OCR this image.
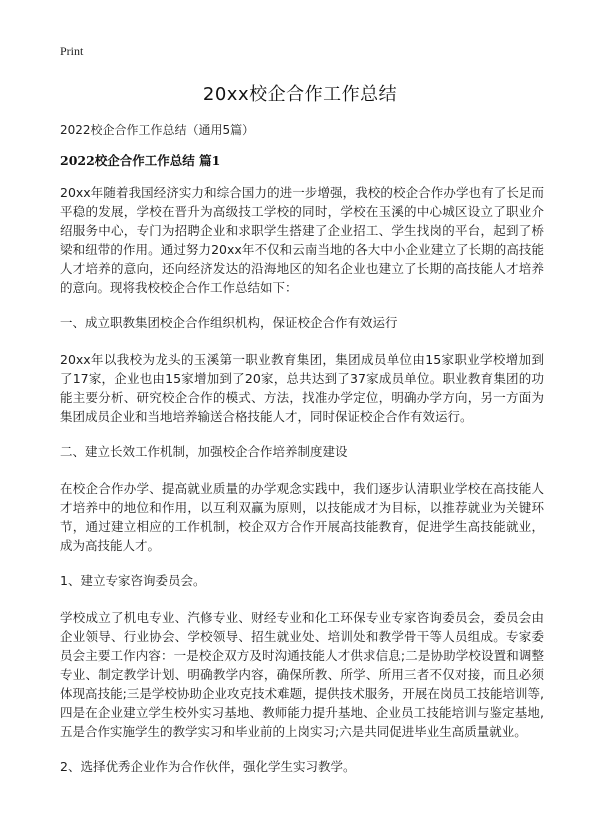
Print
20xx校企合作工作总结
2022校企合作工作总结（通用5篇）
2022校企合作工作总结 篇1

20xx年随着我国经济实力和综合国力的进一步增强，我校的校企合作办学也有了长足而平稳的发展，学校在晋升为高级技工学校的同时，学校在玉溪的中心城区设立了职业介绍服务中心，专门为招聘企业和求职学生搭建了企业招工、学生找岗的平台，起到了桥梁和纽带的作用。通过努力20xx年不仅和云南当地的各大中小企业建立了长期的高技能人才培养的意向，还向经济发达的沿海地区的知名企业也建立了长期的高技能人才培养的意向。现将我校校企合作工作总结如下：

一、成立职教集团校企合作组织机构，保证校企合作有效运行

20xx年以我校为龙头的玉溪第一职业教育集团，集团成员单位由15家职业学校增加到了17家，企业也由15家增加到了20家，总共达到了37家成员单位。职业教育集团的功能主要分析、研究校企合作的模式、方法，找准办学定位，明确办学方向，另一方面为集团成员企业和当地培养输送合格技能人才，同时保证校企合作有效运行。

二、建立长效工作机制，加强校企合作培养制度建设

在校企合作办学、提高就业质量的办学观念实践中，我们逐步认清职业学校在高技能人才培养中的地位和作用，以互利双赢为原则，以技能成才为目标，以推荐就业为关键环节，通过建立相应的工作机制，校企双方合作开展高技能教育，促进学生高技能就业，成为高技能人才。

1、建立专家咨询委员会。

学校成立了机电专业、汽修专业、财经专业和化工环保专业专家咨询委员会，委员会由企业领导、行业协会、学校领导、招生就业处、培训处和教学骨干等人员组成。专家委员会主要工作内容：一是校企双方及时沟通技能人才供求信息;二是协助学校设置和调整专业、制定教学计划、明确教学内容，确保所教、所学、所用三者不仅对接，而且必须体现高技能;三是学校协助企业攻克技术难题，提供技术服务，开展在岗员工技能培训等,四是在企业建立学生校外实习基地、教师能力提升基地、企业员工技能培训与鉴定基地,五是合作实施学生的教学实习和毕业前的上岗实习;六是共同促进毕业生高质量就业。

2、选择优秀企业作为合作伙伴，强化学生实习教学。
